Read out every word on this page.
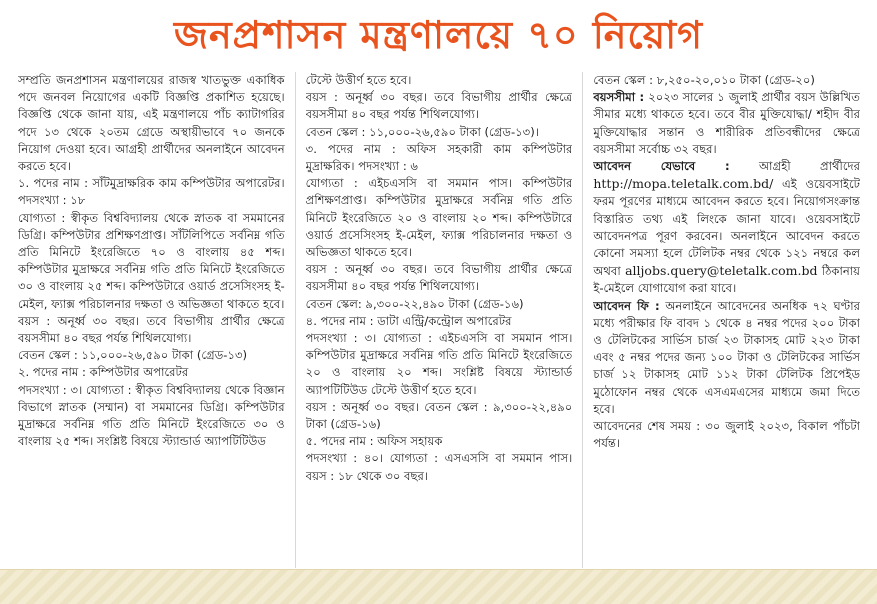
জনপ্রশাসন মন্ত্রণালয়ে ৭০ নিয়োগ

সম্প্রতি জনপ্রশাসন মন্ত্রণালয়ের রাজস্ব খাতভুক্ত একাধিক পদে জনবল নিয়োগের একটি বিজ্ঞপ্তি প্রকাশিত হয়েছে। বিজ্ঞপ্তি থেকে জানা যায়, এই মন্ত্রণালয়ে পাঁচ ক্যাটাগরির পদে ১৩ থেকে ২০তম গ্রেডে অস্থায়ীভাবে ৭০ জনকে নিয়োগ দেওয়া হবে। আগ্রহী প্রার্থীদের অনলাইনে আবেদন করতে হবে।

১. পদের নাম : সাঁটমুদ্রাক্ষরিক কাম কম্পিউটার অপারেটর। পদসংখ্যা : ১৮

যোগ্যতা : স্বীকৃত বিশ্ববিদ্যালয় থেকে স্নাতক বা সমমানের ডিগ্রি। কম্পিউটার প্রশিক্ষণপ্রাপ্ত। সাঁটলিপিতে সর্বনিম্ন গতি প্রতি মিনিটে ইংরেজিতে ৭০ ও বাংলায় ৪৫ শব্দ। কম্পিউটার মুদ্রাক্ষরে সর্বনিম্ন গতি প্রতি মিনিটে ইংরেজিতে ৩০ ও বাংলায় ২৫ শব্দ। কম্পিউটারে ওয়ার্ড প্রসেসিংসহ ই-মেইল, ফ্যাক্স পরিচালনার দক্ষতা ও অভিজ্ঞতা থাকতে হবে।

বয়স : অনূর্ধ্ব ৩০ বছর। তবে বিভাগীয় প্রার্থীর ক্ষেত্রে বয়সসীমা ৪০ বছর পর্যন্ত শিথিলযোগ্য।

বেতন স্কেল : ১১,০০০-২৬,৫৯০ টাকা (গ্রেড-১৩)

২. পদের নাম : কম্পিউটার অপারেটর

পদসংখ্যা : ৩। যোগ্যতা : স্বীকৃত বিশ্ববিদ্যালয় থেকে বিজ্ঞান বিভাগে স্নাতক (সম্মান) বা সমমানের ডিগ্রি। কম্পিউটার মুদ্রাক্ষরে সর্বনিম্ন গতি প্রতি মিনিটে ইংরেজিতে ৩০ ও বাংলায় ২৫ শব্দ। সংশ্লিষ্ট বিষয়ে স্ট্যান্ডার্ড অ্যাপটিটিউড

টেস্টে উত্তীর্ণ হতে হবে।

বয়স : অনূর্ধ্ব ৩০ বছর। তবে বিভাগীয় প্রার্থীর ক্ষেত্রে বয়সসীমা ৪০ বছর পর্যন্ত শিথিলযোগ্য।

বেতন স্কেল : ১১,০০০-২৬,৫৯০ টাকা (গ্রেড-১৩)।

৩. পদের নাম : অফিস সহকারী কাম কম্পিউটার মুদ্রাক্ষরিক। পদসংখ্যা : ৬

যোগ্যতা : এইচএসসি বা সমমান পাস। কম্পিউটার প্রশিক্ষণপ্রাপ্ত। কম্পিউটার মুদ্রাক্ষরে সর্বনিম্ন গতি প্রতি মিনিটে ইংরেজিতে ২০ ও বাংলায় ২০ শব্দ। কম্পিউটারে ওয়ার্ড প্রসেসিংসহ ই-মেইল, ফ্যাক্স পরিচালনার দক্ষতা ও অভিজ্ঞতা থাকতে হবে।

বয়স : অনূর্ধ্ব ৩০ বছর। তবে বিভাগীয় প্রার্থীর ক্ষেত্রে বয়সসীমা ৪০ বছর পর্যন্ত শিথিলযোগ্য।

বেতন স্কেল: ৯,৩০০-২২,৪৯০ টাকা (গ্রেড-১৬)

৪. পদের নাম : ডাটা এন্ট্রি/কন্ট্রোল অপারেটর

পদসংখ্যা : ৩। যোগ্যতা : এইচএসসি বা সমমান পাস। কম্পিউটার মুদ্রাক্ষরে সর্বনিম্ন গতি প্রতি মিনিটে ইংরেজিতে ২০ ও বাংলায় ২০ শব্দ। সংশ্লিষ্ট বিষয়ে স্ট্যান্ডার্ড অ্যাপটিটিউড টেস্টে উত্তীর্ণ হতে হবে।

বয়স : অনূর্ধ্ব ৩০ বছর। বেতন স্কেল : ৯,৩০০-২২,৪৯০ টাকা (গ্রেড-১৬)

৫. পদের নাম : অফিস সহায়ক

পদসংখ্যা : ৪০। যোগ্যতা : এসএসসি বা সমমান পাস। বয়স : ১৮ থেকে ৩০ বছর।

বেতন স্কেল : ৮,২৫০-২০,০১০ টাকা (গ্রেড-২০)

বয়সসীমা : ২০২৩ সালের ১ জুলাই প্রার্থীর বয়স উল্লিখিত সীমার মধ্যে থাকতে হবে। তবে বীর মুক্তিযোদ্ধা/ শহীদ বীর মুক্তিযোদ্ধার সন্তান ও শারীরিক প্রতিবন্ধীদের ক্ষেত্রে বয়সসীমা সর্বোচ্চ ৩২ বছর।

আবেদন যেভাবে : আগ্রহী প্রার্থীদের http://mopa.teletalk.com.bd/ এই ওয়েবসাইটে ফরম পূরণের মাধ্যমে আবেদন করতে হবে। নিয়োগসংক্রান্ত বিস্তারিত তথ্য এই লিংকে জানা যাবে। ওয়েবসাইটে আবেদনপত্র পূরণ করবেন। অনলাইনে আবেদন করতে কোনো সমস্যা হলে টেলিটক নম্বর থেকে ১২১ নম্বরে কল অথবা alljobs.query@teletalk.com.bd ঠিকানায় ই-মেইলে যোগাযোগ করা যাবে।

আবেদন ফি : অনলাইনে আবেদনের অনধিক ৭২ ঘণ্টার মধ্যে পরীক্ষার ফি বাবদ ১ থেকে ৪ নম্বর পদের ২০০ টাকা ও টেলিটকের সার্ভিস চার্জ ২৩ টাকাসহ মোট ২২৩ টাকা এবং ৫ নম্বর পদের জন্য ১০০ টাকা ও টেলিটকের সার্ভিস চার্জ ১২ টাকাসহ মোট ১১২ টাকা টেলিটক প্রিপেইড মুঠোফোন নম্বর থেকে এসএমএসের মাধ্যমে জমা দিতে হবে।

আবেদনের শেষ সময় : ৩০ জুলাই ২০২৩, বিকাল পাঁচটা পর্যন্ত।
